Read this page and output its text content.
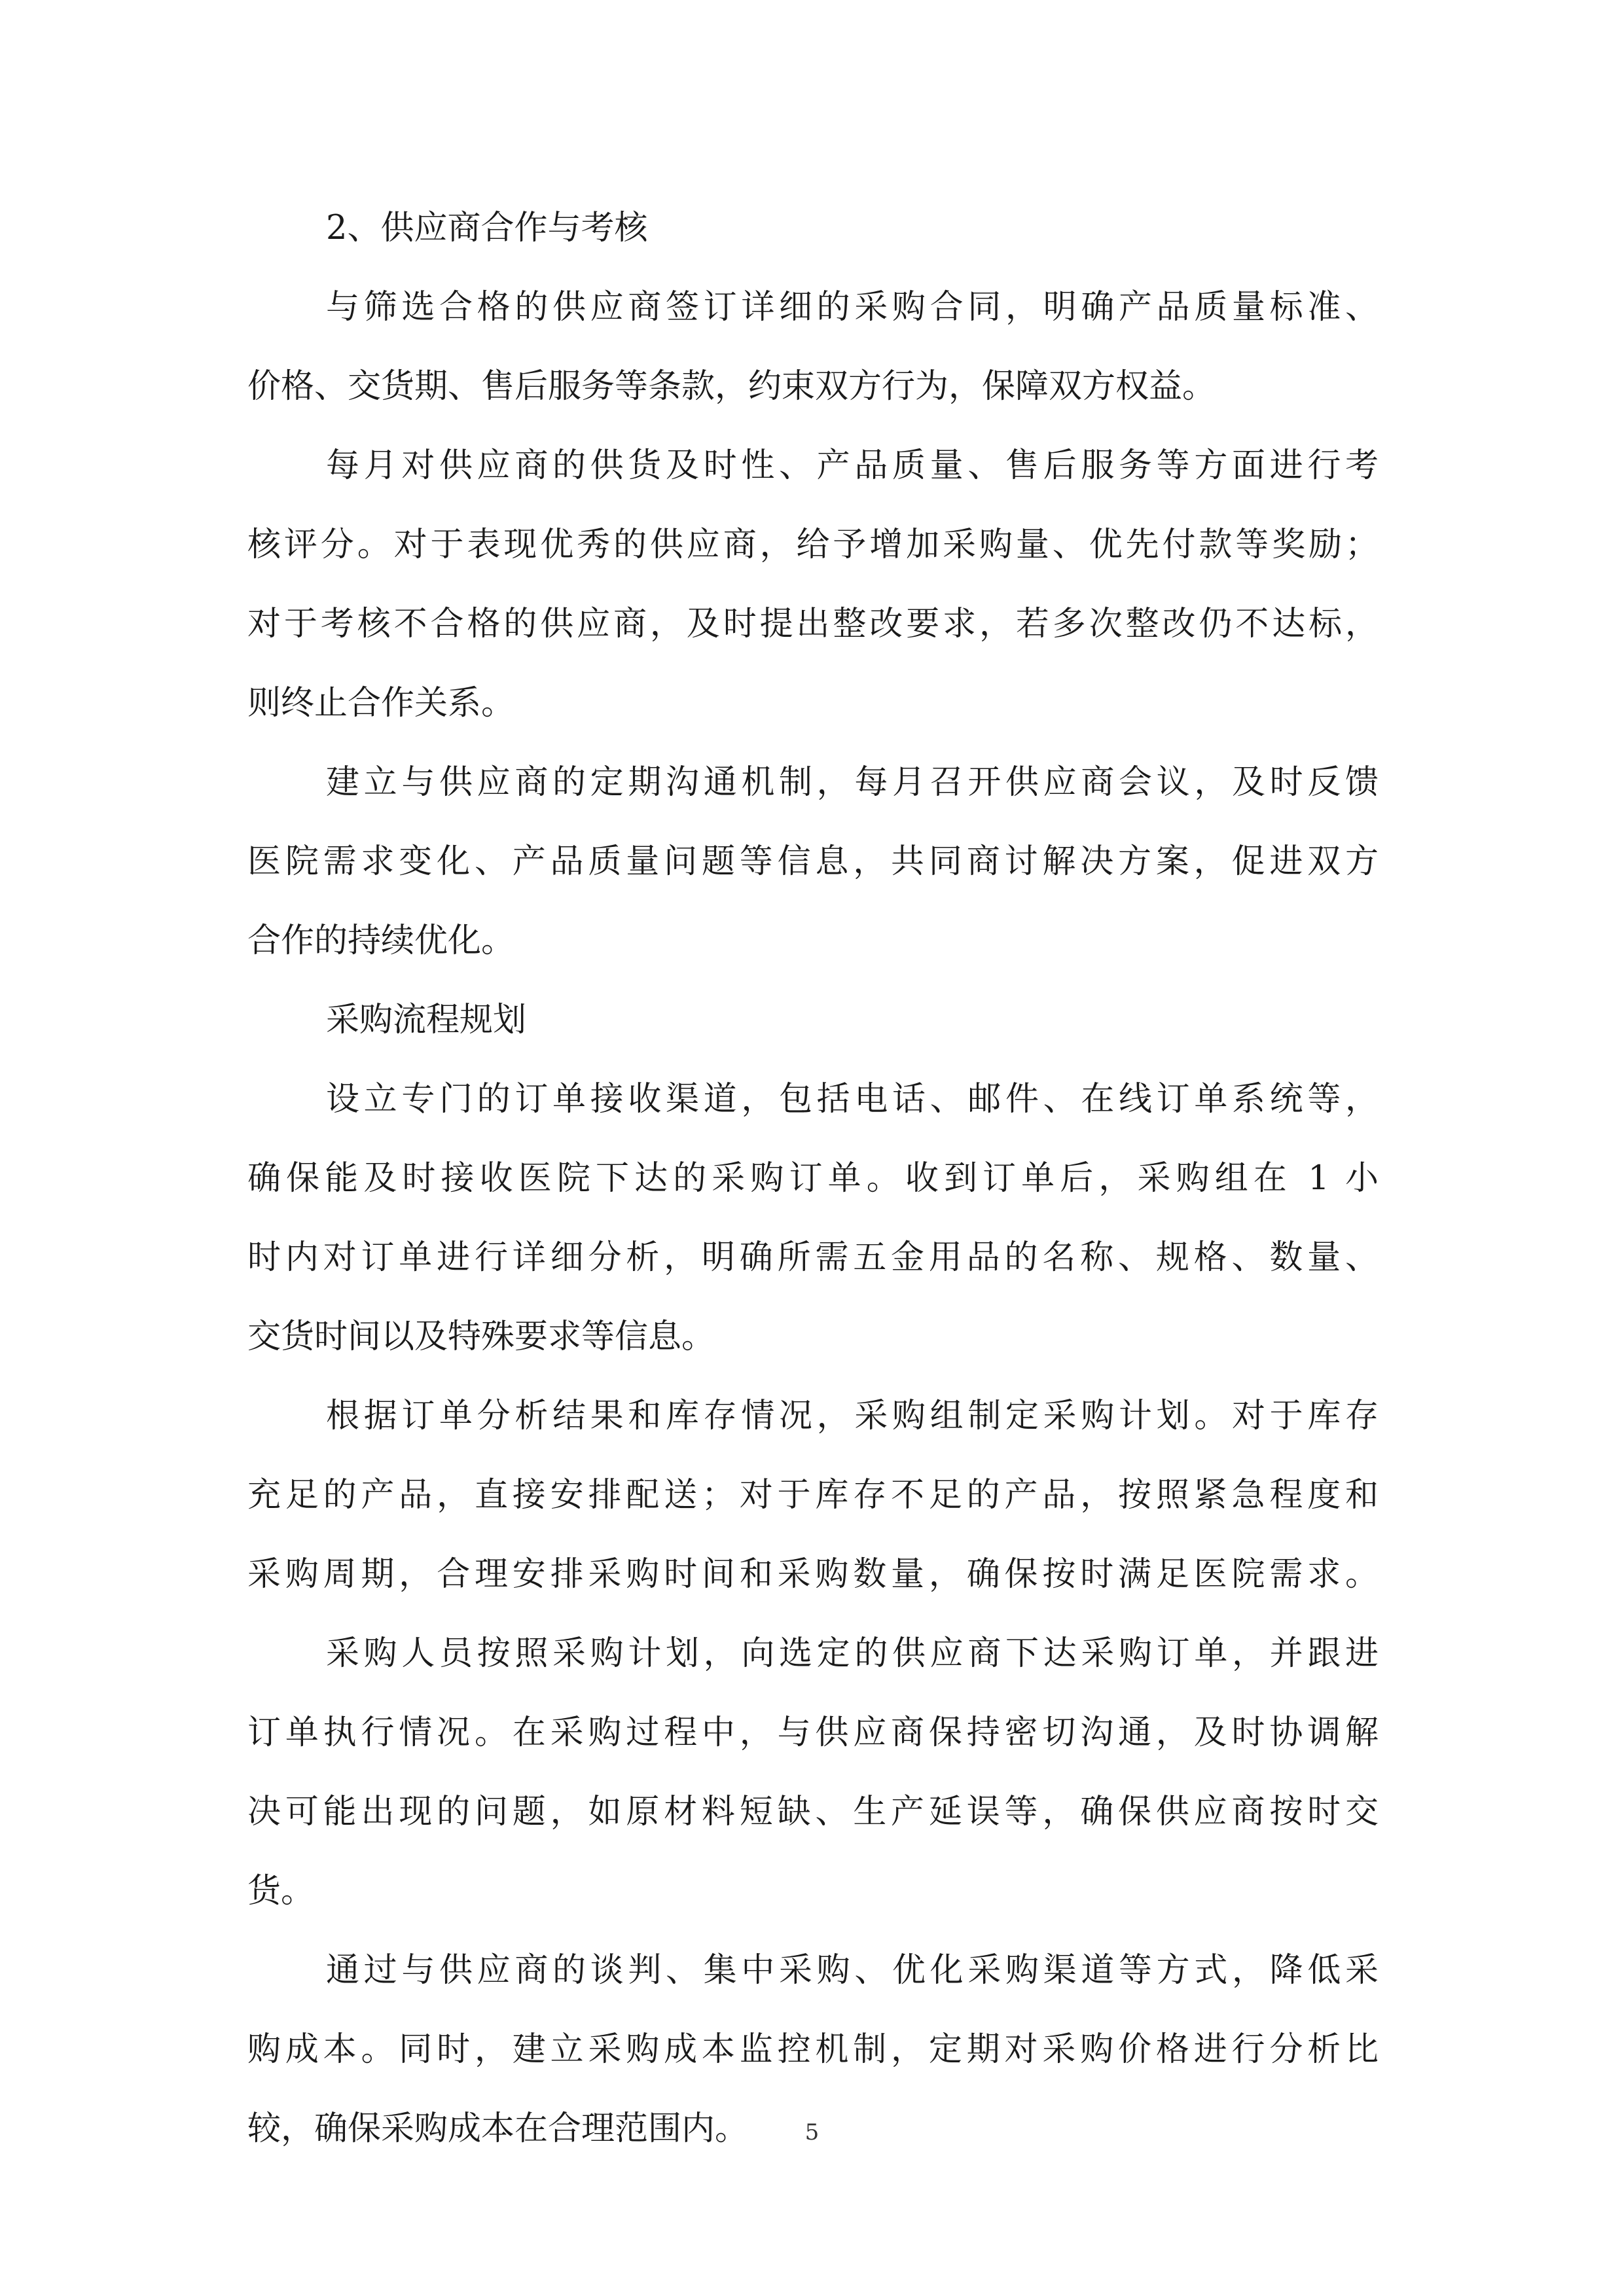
2、供应商合作与考核
与筛选合格的供应商签订详细的采购合同，明确产品质量标准、
价格、交货期、售后服务等条款，约束双方行为，保障双方权益。
每月对供应商的供货及时性、产品质量、售后服务等方面进行考
核评分。对于表现优秀的供应商，给予增加采购量、优先付款等奖励；
对于考核不合格的供应商，及时提出整改要求，若多次整改仍不达标，
则终止合作关系。
建立与供应商的定期沟通机制，每月召开供应商会议，及时反馈
医院需求变化、产品质量问题等信息，共同商讨解决方案，促进双方
合作的持续优化。
采购流程规划
设立专门的订单接收渠道，包括电话、邮件、在线订单系统等，
确保能及时接收医院下达的采购订单。收到订单后，采购组在 1 小
时内对订单进行详细分析，明确所需五金用品的名称、规格、数量、
交货时间以及特殊要求等信息。
根据订单分析结果和库存情况，采购组制定采购计划。对于库存
充足的产品，直接安排配送；对于库存不足的产品，按照紧急程度和
采购周期，合理安排采购时间和采购数量，确保按时满足医院需求。
采购人员按照采购计划，向选定的供应商下达采购订单，并跟进
订单执行情况。在采购过程中，与供应商保持密切沟通，及时协调解
决可能出现的问题，如原材料短缺、生产延误等，确保供应商按时交
货。
通过与供应商的谈判、集中采购、优化采购渠道等方式，降低采
购成本。同时，建立采购成本监控机制，定期对采购价格进行分析比
较，确保采购成本在合理范围内。	5
